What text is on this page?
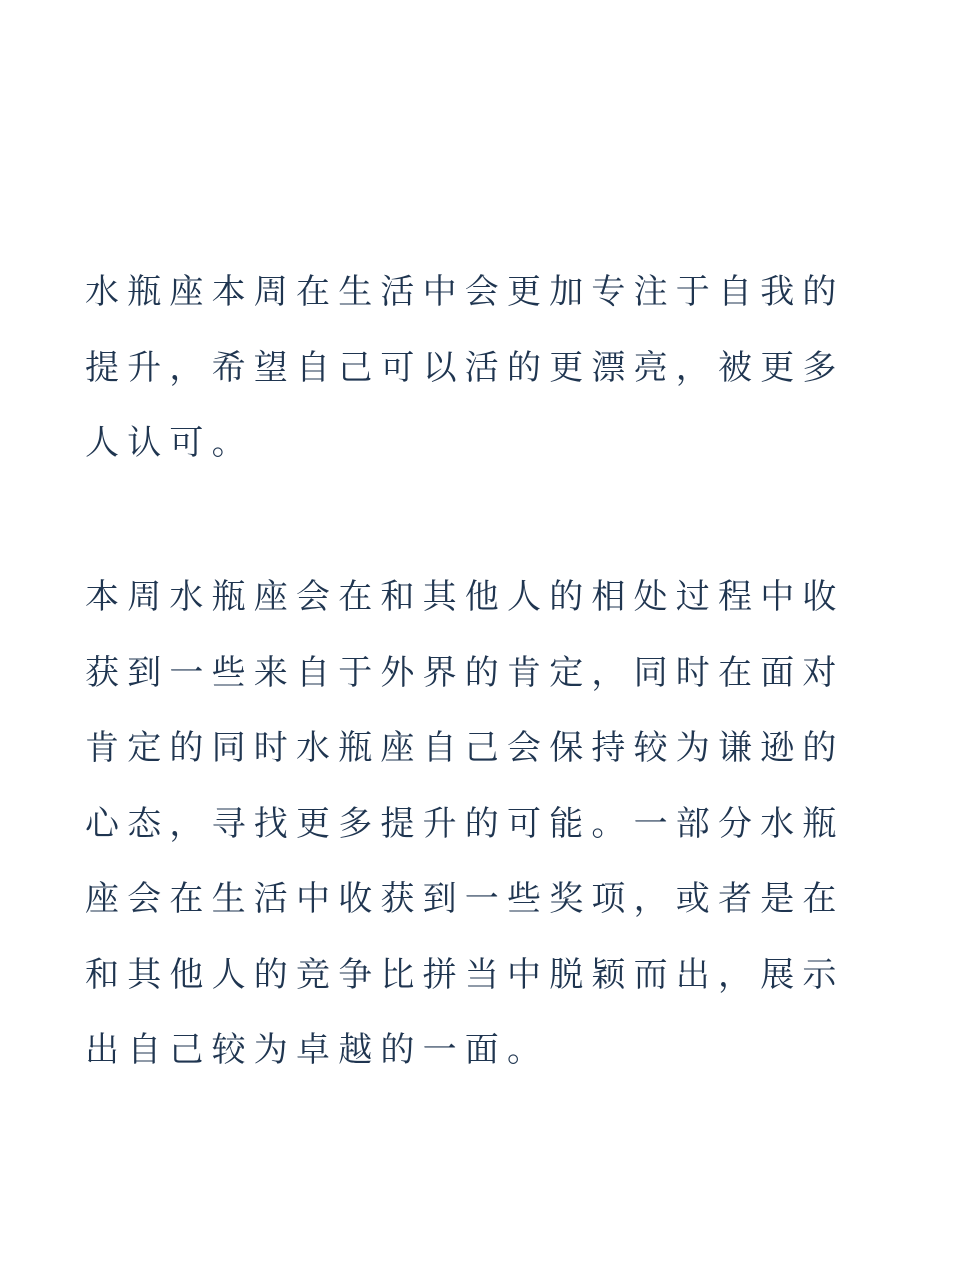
水瓶座本周在生活中会更加专注于自我的
提升，希望自己可以活的更漂亮，被更多
人认可。
本周水瓶座会在和其他人的相处过程中收
获到一些来自于外界的肯定，同时在面对
肯定的同时水瓶座自己会保持较为谦逊的
心态，寻找更多提升的可能。一部分水瓶
座会在生活中收获到一些奖项，或者是在
和其他人的竞争比拼当中脱颖而出，展示
出自己较为卓越的一面。
